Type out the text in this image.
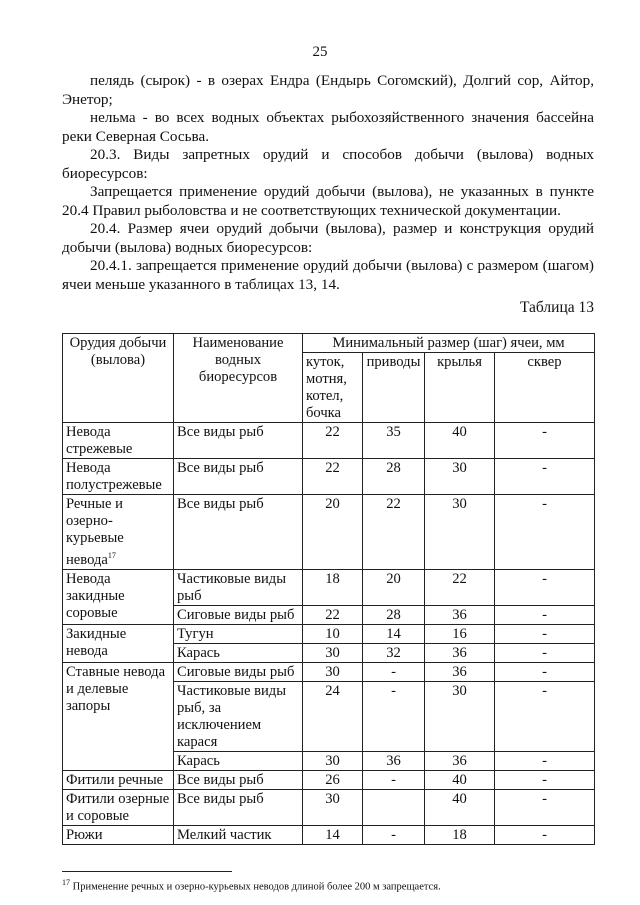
25

пелядь (сырок) - в озерах Ендра (Ендырь Согомский), Долгий сор, Айтор, Энетор;

нельма - во всех водных объектах рыбохозяйственного значения бассейна реки Северная Сосьва.

20.3. Виды запретных орудий и способов добычи (вылова) водных биоресурсов:

Запрещается применение орудий добычи (вылова), не указанных в пункте 20.4 Правил рыболовства и не соответствующих технической документации.

20.4. Размер ячеи орудий добычи (вылова), размер и конструкция орудий добычи (вылова) водных биоресурсов:

20.4.1. запрещается применение орудий добычи (вылова) с размером (шагом) ячеи меньше указанного в таблицах 13, 14.

Таблица 13
Орудия добычи (вылова)	Наименование водных биоресурсов	Минимальный размер (шаг) ячеи, мм			
		куток, мотня, котел, бочка	приводы	крылья	сквер
Невода стрежевые	Все виды рыб	22	35	40	-
Невода полустрежевые	Все виды рыб	22	28	30	-
Речные и озерно-курьевые невода$^{17}$	Все виды рыб	20	22	30	-
Невода закидные соровые	Частиковые виды рыб	18	20	22	-
	Сиговые виды рыб	22	28	36	-
Закидные невода	Тугун	10	14	16	-
	Карась	30	32	36	-
Ставные невода и делевые запоры	Сиговые виды рыб	30	-	36	-
	Частиковые виды рыб, за исключением карася	24	-	30	-
	Карась	30	36	36	-
Фитили речные	Все виды рыб	26	-	40	-
Фитили озерные и соровые	Все виды рыб	30		40	-
Рюжи	Мелкий частик	14	-	18	-
$^{17}$ Применение речных и озерно-курьевых неводов длиной более 200 м запрещается.
